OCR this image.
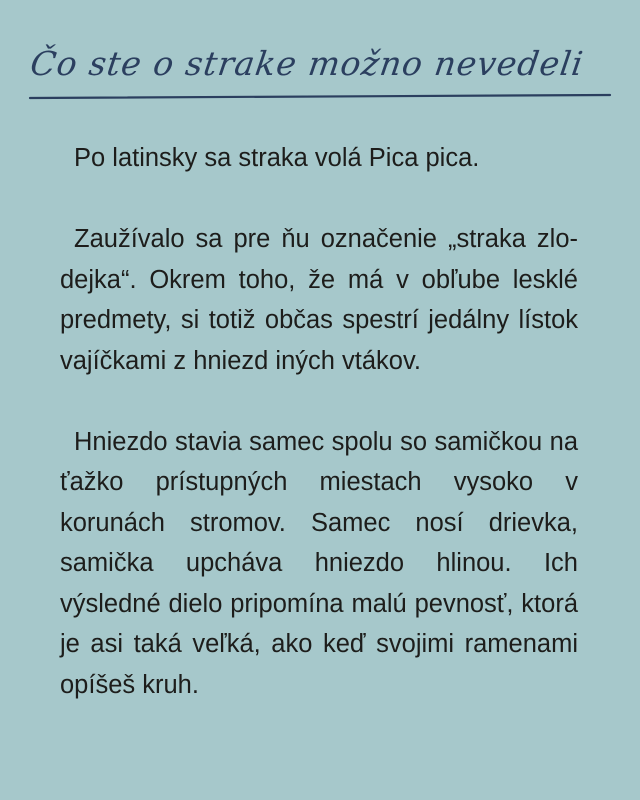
Čo ste o strake možno nevedeli

Po latinsky sa straka volá Pica pica.

Zaužívalo sa pre ňu označenie „straka zlodejka“. Okrem toho, že má v obľube lesklé predmety, si totiž občas spestrí jedálny lístok vajíčkami z hniezd iných vtákov.

Hniezdo stavia samec spolu so samičkou na ťažko prístupných miestach vysoko v korunách stromov. Samec nosí drievka, samička upcháva hniezdo hlinou. Ich výsledné dielo pripomína malú pevnosť, ktorá je asi taká veľká, ako keď svojimi ramenami opíšeš kruh.
